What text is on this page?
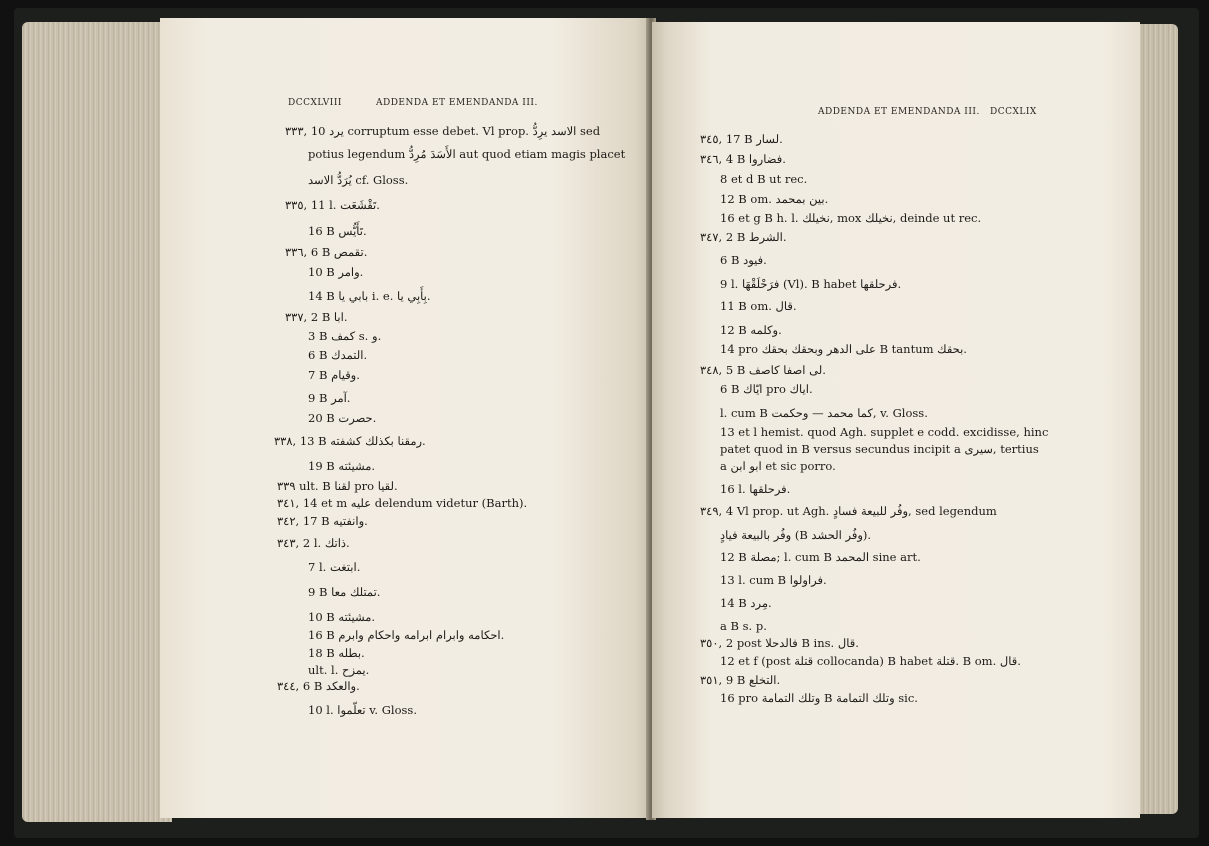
DCCXLVIII	ADDENDA ET EMENDANDA III.
٣٣٣, 10 يرد corruptum esse debet. Vl prop. الاسد يرِدُّ sed
potius legendum الأَسَدَ مُرِدُّ aut quod etiam magis placet
يُرَدُّ الاسد cf. Gloss.
٣٣٥, 11 l. تَقْشَعَت.
16 B تَأَيُّس.
٣٣٦, 6 B تقمص.
10 B وامر.
14 B بابي يا i. e. بِأَبِي يا.
٣٣٧, 2 B ابا.
3 B كمف s. و.
6 B التمدك.
7 B وقيام.
9 B آمر.
20 B حصرت.
٣٣٨, 13 B رمقنا بكذلك كشفته.
19 B مشيئته.
٣٣٩ ult. B لقنا pro لقيا.
٣٤١, 14 et m عليه delendum videtur (Barth).
٣٤٢, 17 B وانفتيه.
٣٤٣, 2 l. ذاتك.
7 l. ابتغت.
9 B تمتلك معا.
10 B مشيئته.
16 B احكامه وابرام ابرامه واحكام وابرم.
18 B بطله.
ult. l. يمزح.
٣٤٤, 6 B والعكد.
10 l. تعلّموا v. Gloss.
ADDENDA ET EMENDANDA III. DCCXLIX
٣٤٥, 17 B لسار.
٣٤٦, 4 B فضاروا.
8 et d B ut rec.
12 B om. بين بمحمد.
16 et g B h. l. نخيلك, mox نخيلك, deinde ut rec.
٣٤٧, 2 B الشرط.
6 B فيود.
9 l. فرَحْلَقْهَا (Vl). B habet فرحلقها.
11 B om. قال.
12 B وكلمه.
14 pro على الدهر وبحقك بحقك B tantum بحقك.
٣٤٨, 5 B لى اصفا كاصف.
6 B ايّاك pro اياك.
l. cum B كما محمد — وحكمت, v. Gloss.
13 et l hemist. quod Agh. supplet e codd. excidisse, hinc
patet quod in B versus secundus incipit a سيرى, tertius
a ابو ابن et sic porro.
16 l. فرحلقها.
٣٤٩, 4 Vl prop. ut Agh. وفُر للبيعة فسادٍ, sed legendum
وفُر بالبيعة فيادٍ (B وفُر الحشد).
12 B مصلة; l. cum B المحمد sine art.
13 l. cum B فراولوا.
14 B مِرد.
a B s. p.
٣٥٠, 2 post فالدحلا B ins. قال.
12 et f (post قتلة collocanda) B habet قتلة. B om. قال.
٣٥١, 9 B التخلع.
16 pro وتلك التمامة B وتلك التمامة sic.
